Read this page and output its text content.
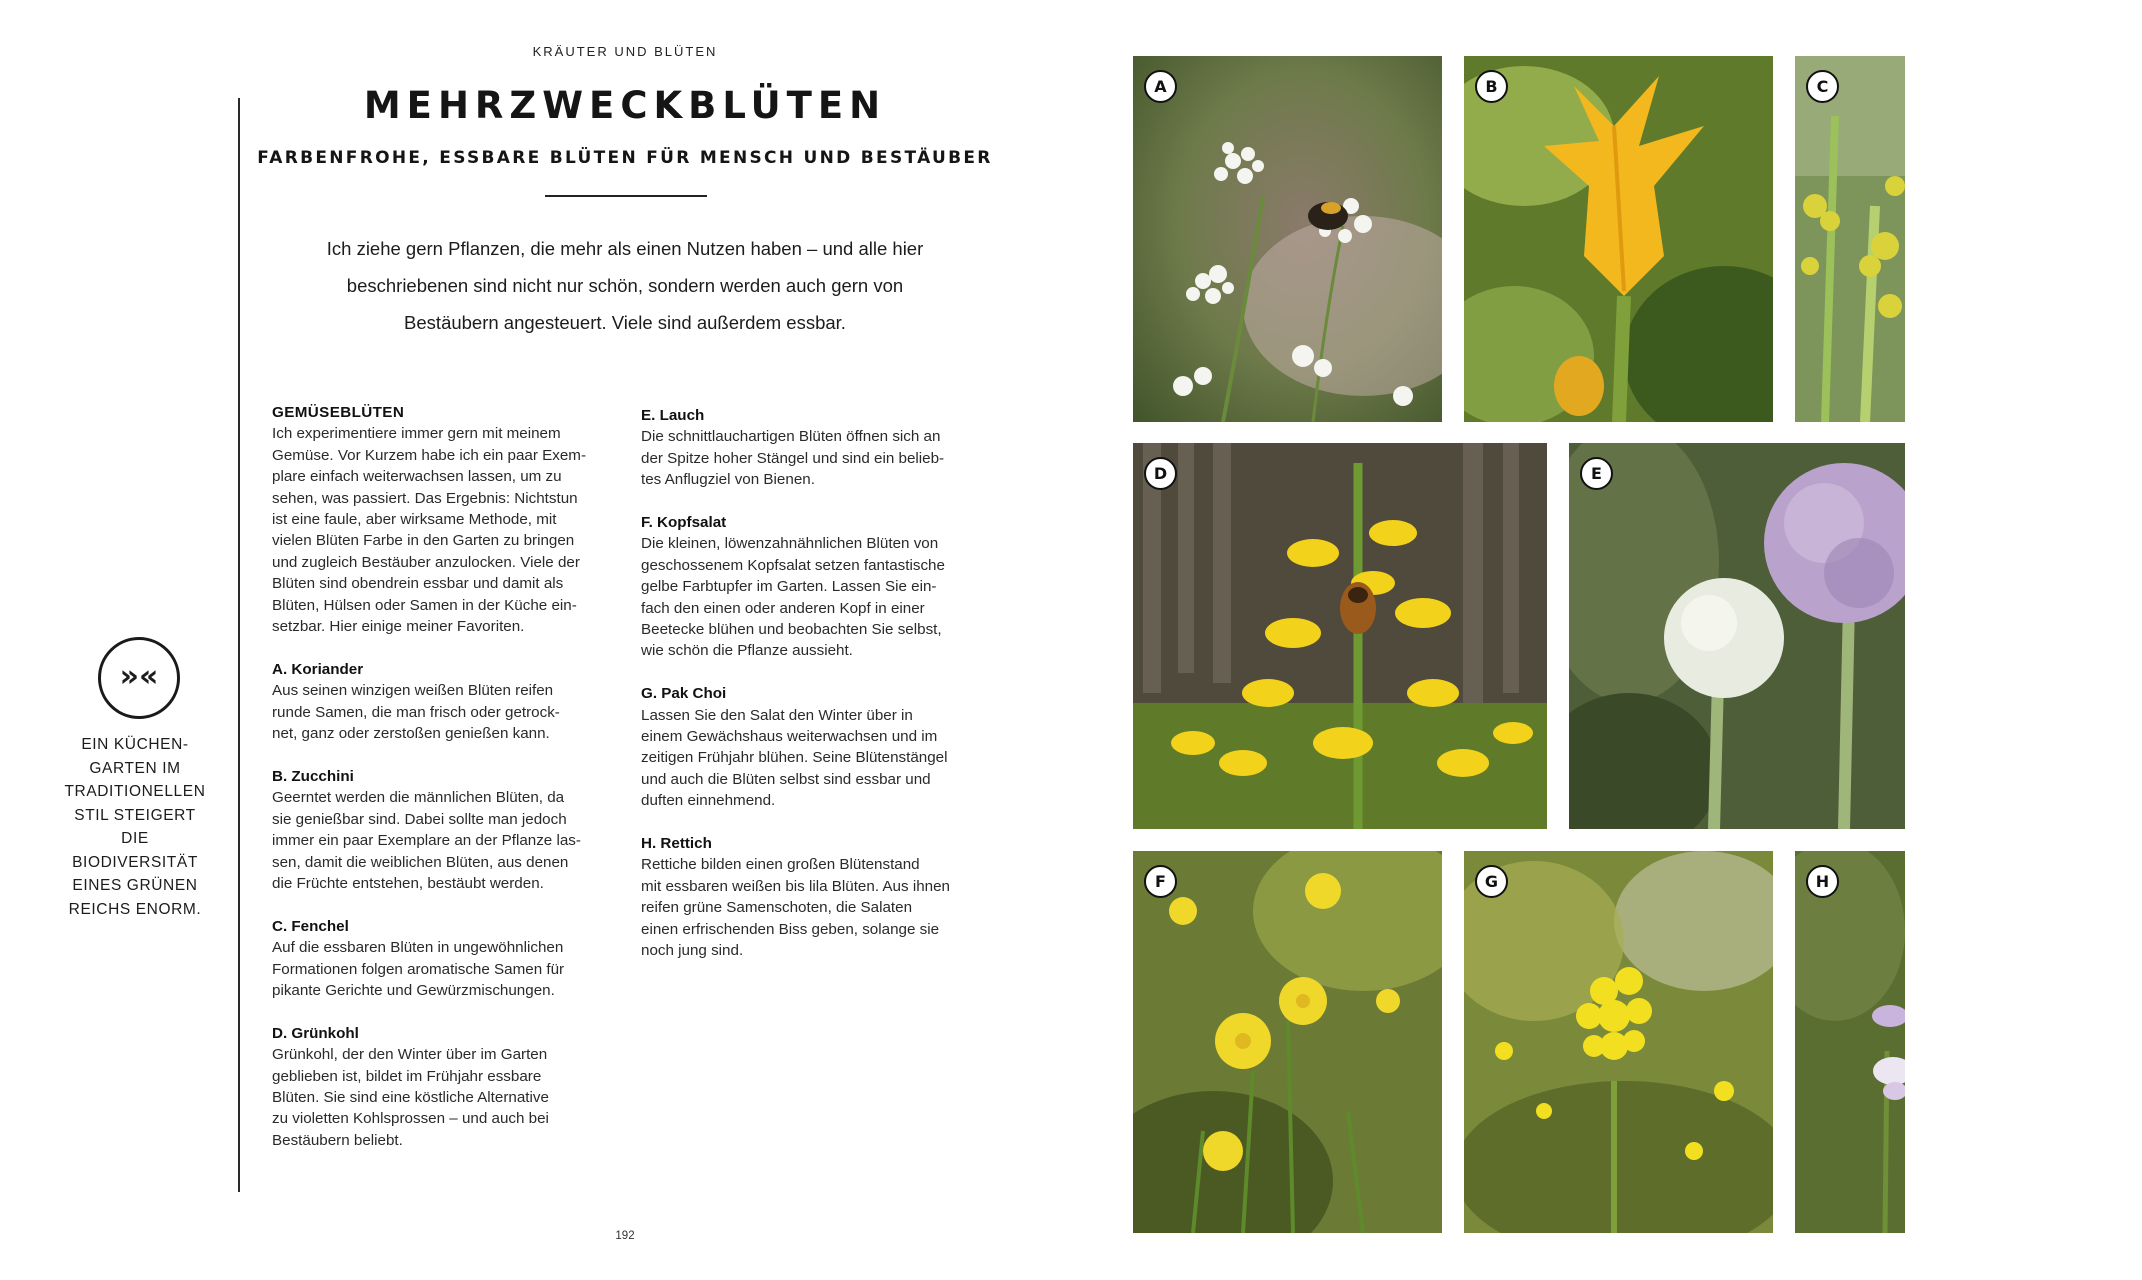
KRÄUTER UND BLÜTEN
MEHRZWECKBLÜTEN
FARBENFROHE, ESSBARE BLÜTEN FÜR MENSCH UND BESTÄUBER

Ich ziehe gern Pflanzen, die mehr als einen Nutzen haben – und alle hier beschriebenen sind nicht nur schön, sondern werden auch gern von Bestäubern angesteuert. Viele sind außerdem essbar.

»«

EIN KÜCHEN-GARTEN IM TRADITIONELLEN STIL STEIGERT DIE BIODIVERSITÄT EINES GRÜNEN REICHS ENORM.

GEMÜSEBLÜTEN
Ich experimentiere immer gern mit meinem
Gemüse. Vor Kurzem habe ich ein paar Exem-
plare einfach weiterwachsen lassen, um zu
sehen, was passiert. Das Ergebnis: Nichtstun
ist eine faule, aber wirksame Methode, mit
vielen Blüten Farbe in den Garten zu bringen
und zugleich Bestäuber anzulocken. Viele der
Blüten sind obendrein essbar und damit als
Blüten, Hülsen oder Samen in der Küche ein-
setzbar. Hier einige meiner Favoriten.
A. Koriander
Aus seinen winzigen weißen Blüten reifen
runde Samen, die man frisch oder getrock-
net, ganz oder zerstoßen genießen kann.
B. Zucchini
Geerntet werden die männlichen Blüten, da
sie genießbar sind. Dabei sollte man jedoch
immer ein paar Exemplare an der Pflanze las-
sen, damit die weiblichen Blüten, aus denen
die Früchte entstehen, bestäubt werden.
C. Fenchel
Auf die essbaren Blüten in ungewöhnlichen
Formationen folgen aromatische Samen für
pikante Gerichte und Gewürzmischungen.
D. Grünkohl
Grünkohl, der den Winter über im Garten
geblieben ist, bildet im Frühjahr essbare
Blüten. Sie sind eine köstliche Alternative
zu violetten Kohlsprossen – und auch bei
Bestäubern beliebt.
E. Lauch
Die schnittlauchartigen Blüten öffnen sich an
der Spitze hoher Stängel und sind ein belieb-
tes Anflugziel von Bienen.
F. Kopfsalat
Die kleinen, löwenzahnähnlichen Blüten von
geschossenem Kopfsalat setzen fantastische
gelbe Farbtupfer im Garten. Lassen Sie ein-
fach den einen oder anderen Kopf in einer
Beetecke blühen und beobachten Sie selbst,
wie schön die Pflanze aussieht.
G. Pak Choi
Lassen Sie den Salat den Winter über in
einem Gewächshaus weiterwachsen und im
zeitigen Frühjahr blühen. Seine Blütenstängel
und auch die Blüten selbst sind essbar und
duften einnehmend.
H. Rettich
Rettiche bilden einen großen Blütenstand
mit essbaren weißen bis lila Blüten. Aus ihnen
reifen grüne Samenschoten, die Salaten
einen erfrischenden Biss geben, solange sie
noch jung sind.
192
A	B	C
D	E
F	G	H
